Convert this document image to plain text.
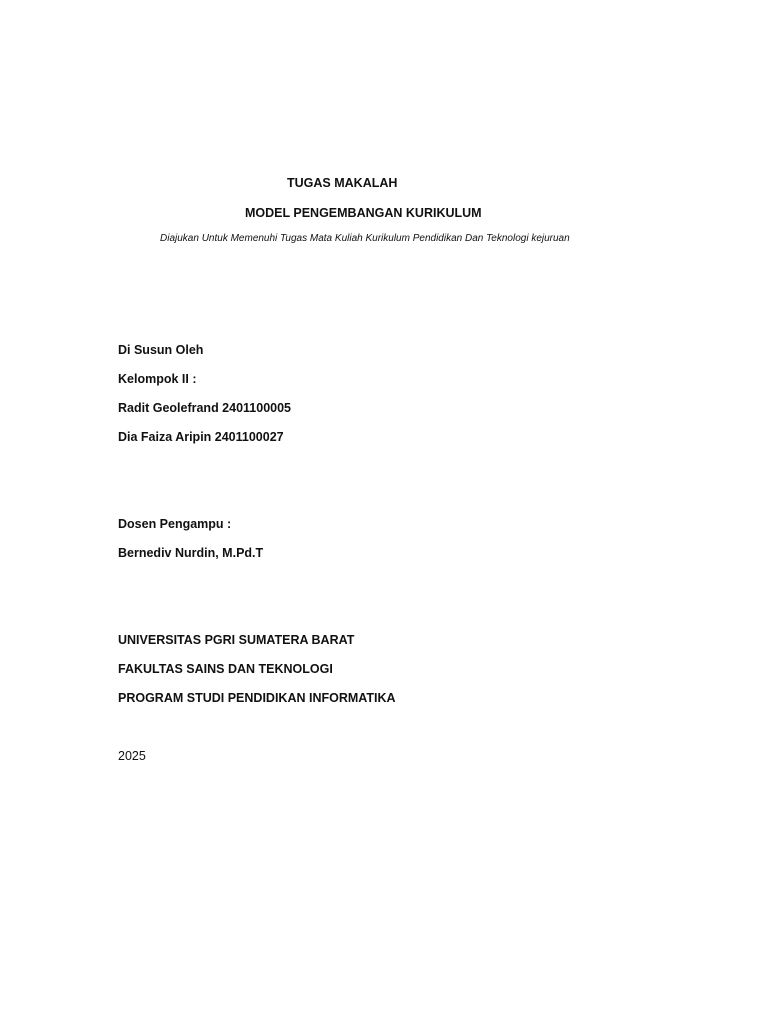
TUGAS MAKALAH
MODEL PENGEMBANGAN KURIKULUM
Diajukan Untuk Memenuhi Tugas Mata Kuliah Kurikulum Pendidikan Dan Teknologi kejuruan
Di Susun Oleh
Kelompok II :
Radit Geolefrand 2401100005
Dia Faiza Aripin 2401100027
Dosen Pengampu :
Bernediv Nurdin, M.Pd.T
UNIVERSITAS PGRI SUMATERA BARAT
FAKULTAS SAINS DAN TEKNOLOGI
PROGRAM STUDI PENDIDIKAN INFORMATIKA
2025
